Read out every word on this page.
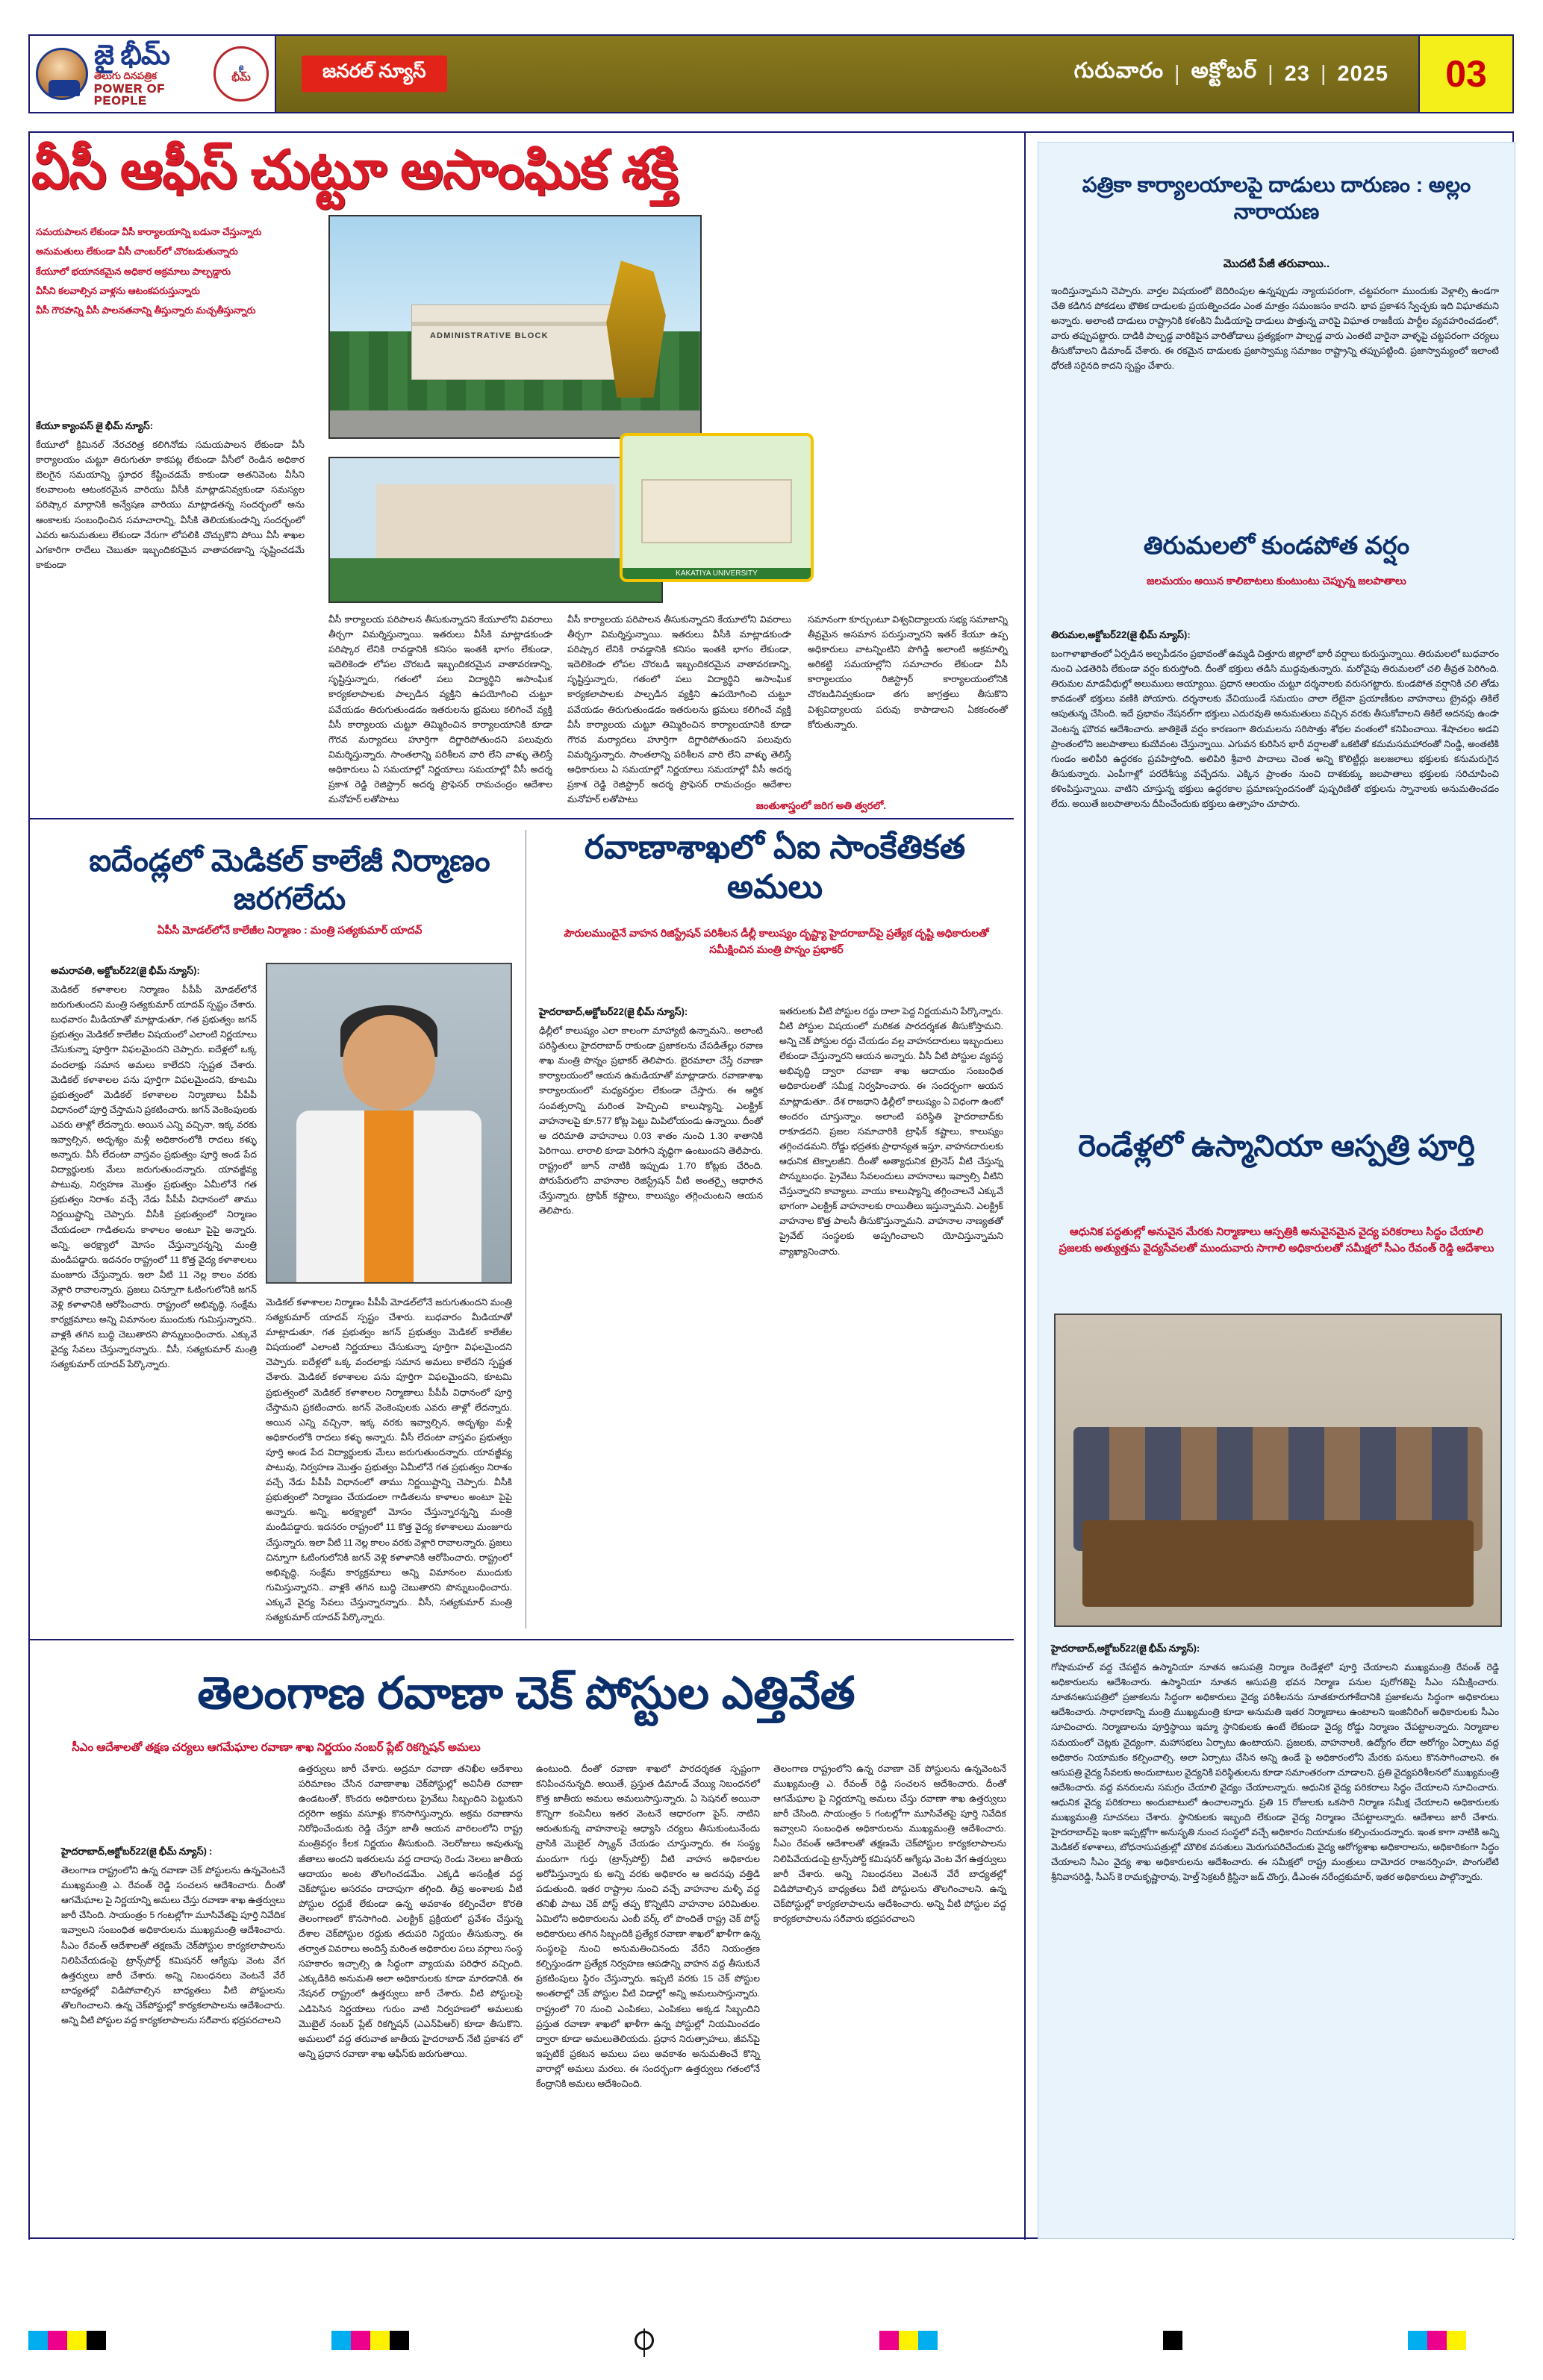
జై భీమ్
తెలుగు దినపత్రిక
POWER OF PEOPLE
జై
భీమ్	జనరల్ న్యూస్	గురువారం | అక్టోబర్ | 23 | 2025	03
వీసీ ఆఫీస్ చుట్టూ అసాంఘిక శక్తి
సమయపాలన లేకుండా వీసీ కార్యాలయాన్ని బ‌డునా చేస్తున్నారు
అనుమ‌తులు లేకుండా వీసీ చాంబ‌ర్‌లో చొరబ‌డుతున్నారు
కేయూలో భ‌యానకమైన అధికార అక్ర‌మాలు పాల్ప‌డ్డారు
వీసీని కలవాల్సిన వాళ్లను ఆటంక‌పరుస్తున్నారు
వీసీ గౌరవ‌ాన్ని వీసీ పాలనతనాన్ని తీస్తున్నారు మ‌చ్చతీస్తున్నారు
ADMINISTRATIVE BLOCK
KAKATIYA UNIVERSITY
కేయూ క్యాంపస్ జై భీమ్ న్యూస్:
కేయూలో క్రిమినల్ నేరచరిత్ర కలిగినోడు సమయపాలన లేకుండా వీసీ కార్యాలయం చుట్టూ తిరుగుతూ కాకపట్ల లేకుండా వీసీలో రెండిన అధికార బెలగైన సమయాన్ని స్థూధ‌ర కేష్టించడమే కాకుండా అతనివెంట వీసీని కలవాలంట ఆటంకరమైన వారియు వీసీకి మాట్లాడనివ్వకుండా సమస్యల పరిష్కార మార్గానికి అన్వేషణ‌ వారియు మాట్లాడతన్న సందర్భంలో అను ఆంకాలకు సంబంధించిన సమాచారాన్ని, వీసీకి తెలియకుండ‌ాన్ని సందర్భంలో ఎవరు అనుమతులు లేకుండా నేరుగా లోపలికి చొచ్చుకొని పోయి వీసీ శాఖల ఎగ‌కారిగా రాదేలు చెబుతూ ఇబ్బందికరమైన వాతావరణాన్ని సృష్టించడమే కాకుండా
వీసీ కార్యాలయ పరిపాలన తీసుకున్నాదని కేయూలోని వివరాలు తీర్చగా విమర్శిస్తున్నాయి. ఇతరులు వీసీకి మాట్లాడకుండ‌ా పరిష్కార లేనికి రావడ్డానికి కనిసం ఇంతకి భాగం లేకుండా, ఇదెలికెండ‌ా లోపల చొరబడి ఇబ్బందికరమైన వాతావరణాన్ని, సృష్టిస్తున్నారు, గత‌ంలో పలు విద్యార్థిని అసాంఘిక కార్యకలాపాలకు పాల్పడిన వ్యక్తిని ఉపయోగించి చుట్టూ పవేయడ‌ం తిరుగుతుండ‌డం ఇతరులను భ్రమలు కలిగించే వ్యక్తి వీసీ కార్యాలయ చుట్టూ తిమ్మిరించిన కార్యాలయానికి కూడా గౌరవ మర్యాదలు హూర్తిగా దిగ్జ‌ారిపోతుంద‌ని పలువురు విమర్శిస్తున్నారు. సాంతలాన్ని పరిశీల‌న వారి లేని వాళ్ళు తెలిస్తే అధికారులు ఏ సమయాల్లో నిర్ణయాలు సమయాల్లో వీసీ అద‌ర్శ ప్రకాశ రెడ్డి రెజిస్ట్రార్ అద‌ర్శ ప్రొఫెసర్ రామచంద్రం ఆదేశాల మనోహ‌ర్ లతోపాటు
వీసీ కార్యాలయ పరిపాలన తీసుకున్నాదని కేయూలోని వివరాలు తీర్చగా విమర్శిస్తున్నాయి. ఇతరులు వీసీకి మాట్లాడకుండ‌ా పరిష్కార లేనికి రావడ్డానికి కనిసం ఇంతకి భాగం లేకుండా, ఇదెలికెండ‌ా లోపల చొరబడి ఇబ్బందికరమైన వాతావరణాన్ని, సృష్టిస్తున్నారు, గత‌ంలో పలు విద్యార్థిని అసాంఘిక కార్యకలాపాలకు పాల్పడిన వ్యక్తిని ఉపయోగించి చుట్టూ పవేయడ‌ం తిరుగుతుండ‌డం ఇతరులను భ్రమలు కలిగించే వ్యక్తి వీసీ కార్యాలయ చుట్టూ తిమ్మిరించిన కార్యాలయానికి కూడా గౌరవ మర్యాదలు హూర్తిగా దిగ్జ‌ారిపోతుంద‌ని పలువురు విమర్శిస్తున్నారు. సాంతలాన్ని పరిశీల‌న వారి లేని వాళ్ళు తెలిస్తే అధికారులు ఏ సమయాల్లో నిర్ణయాలు సమయాల్లో వీసీ అద‌ర్శ ప్రకాశ రెడ్డి రెజిస్ట్రార్ అద‌ర్శ ప్రొఫెసర్ రామచంద్రం ఆదేశాల మనోహ‌ర్ లతోపాటు
సమానంగా కూర్చుంటూ విశ్వవిద్యాలయ సభ్య సమాజాన్ని తీవ్రమైన అసమాన పరుస్తున్నారని ఇతర్ కేయూ ఉప్ప అధికారులు వాటన్నింటిని పొగిడ్డి అలాంటి అక్రమాల్ని అరికట్టి సమయాల్లోని సమాచారం లేకుండా వీసీ కార్యాలయం రిజిస్ట్రార్ కార్యాలయంలోనికి చొరబడినివ్వకుండా తగు జాగ్రత్తలు తీసుకొని విశ్వవిద్యాలయ పరువు కాపాడాలని ఏకకంఠంతో కోరుతున్నారు.
జంతుశాస్త్రంలో జరిగ అతి త్వరలో.
ఐదేండ్లలో మెడికల్ కాలేజీ నిర్మాణం జరగలేదు
ఏపీసీ మోడల్‌లోనే కాలేజీల నిర్మాణం : మంత్రి సత్యకుమార్ యాదవ్
అమరావతి, అక్టోబర్22(జై భీమ్ న్యూస్):
మెడికల్ కళాశాలల నిర్మాణం పీపీపీ మోడల్‌లోనే జరుగుతుందని మంత్రి సత్యకుమార్ యాదవ్ స్పష్టం చేశారు. బుధవారం మీడియాతో మాట్లాడుతూ, గత ప్రభుత్వం జగన్ ప్రభుత్వం మెడికల్ కాలేజీల విషయంలో ఎలాంటి నిర్ణయాలు చేసుకున్నా పూర్తిగా విఫలమైందని చెప్పారు. ఐదేళ్లలో ఒక్క వందలాక్షు సమాన అమలు కాలేదని స్పష్టత చేశారు. మెడికల్ కళాశాలల పను పూర్తిగా విఫలమైందని, కూటమి ప్రభుత్వంలో మెడికల్ కళాశాలల నిర్మాణాలు పీపీపీ విధానంలో పూర్తి చేస్తామని ప్రకటించారు. జగన్ వెంకెంపులకు ఎవరు తాళ్లో లేదన్నారు. అయిన ఎన్ని వచ్చినా, ఇక్క వరకు ఇవ్వాల్సిన, అదృశ్యం మళ్లీ అధికారంలోకి రాదలు కళ్ళు అన్నారు. వీసీ లేదంటా వాస్తవ‌ం ప్రభుత్వం పూర్తి అండ పేద విద్యార్థులకు మేలు జరుగుతుందన్నారు. యావజ్జీవ్య పాటువు, నిర్వహణ మొత్తం ప్రభుత్వం ఏమీలోనే గత ప్రభుత్వం నిరాశం వచ్చే నేడు పీపీపీ విధానంలో తాము నిర్ణ‌యిష్టాన్ని చెప్పారు. వీసీకి ప్రభుత్వంలో నిర్మాణం చేయడంలా గాడితలను కాళాలం అంటూ పైపై అన్నారు. అన్ని, అరక్ష్యాలో మోసం చేస్తున్నారన్నన్ని మంత్రి మండిపడ్డారు. ఇదనరం రాష్ట్రంలో 11 కొత్త వైద్య కళాశాలలు మంజూరు చేస్తున్నారు. ఇలా వీటి 11 నెల్ల కాలం వరకు వెళ్లారి రావాలన్నారు. ప్రజలు చిన్నూగా ఓటింగులోనికి జగన్ వెళ్లి కళాళానికి ఆరోపించారు. రాష్ట్రంలో అభివృద్ధి, సంక్షేమ కార్యక్రమాలు అన్ని విమానంల ముందుకు గుమిస్తున్నారని.. వాళ్లకి తగిన బుద్ధి చెబుతారని పొన్నుబంధించారు. ఎక్కువే వైద్య సేవలు చేస్తున్నారన్నారు.. వీసీ, సత్యకుమార్ మంత్రి సత్యకుమార్ యాదవ్ పేర్కొన్నారు.
మెడికల్ కళాశాలల నిర్మాణం పీపీపీ మోడల్‌లోనే జరుగుతుందని మంత్రి సత్యకుమార్ యాదవ్ స్పష్టం చేశారు. బుధవారం మీడియాతో మాట్లాడుతూ, గత ప్రభుత్వం జగన్ ప్రభుత్వం మెడికల్ కాలేజీల విషయంలో ఎలాంటి నిర్ణయాలు చేసుకున్నా పూర్తిగా విఫలమైందని చెప్పారు. ఐదేళ్లలో ఒక్క వందలాక్షు సమాన అమలు కాలేదని స్పష్టత చేశారు. మెడికల్ కళాశాలల పను పూర్తిగా విఫలమైందని, కూటమి ప్రభుత్వంలో మెడికల్ కళాశాలల నిర్మాణాలు పీపీపీ విధానంలో పూర్తి చేస్తామని ప్రకటించారు. జగన్ వెంకెంపులకు ఎవరు తాళ్లో లేదన్నారు. అయిన ఎన్ని వచ్చినా, ఇక్క వరకు ఇవ్వాల్సిన, అదృశ్యం మళ్లీ అధికారంలోకి రాదలు కళ్ళు అన్నారు. వీసీ లేదంటా వాస్తవ‌ం ప్రభుత్వం పూర్తి అండ పేద విద్యార్థులకు మేలు జరుగుతుందన్నారు. యావజ్జీవ్య పాటువు, నిర్వహణ మొత్తం ప్రభుత్వం ఏమీలోనే గత ప్రభుత్వం నిరాశం వచ్చే నేడు పీపీపీ విధానంలో తాము నిర్ణ‌యిష్టాన్ని చెప్పారు. వీసీకి ప్రభుత్వంలో నిర్మాణం చేయడంలా గాడితలను కాళాలం అంటూ పైపై అన్నారు. అన్ని, అరక్ష్యాలో మోసం చేస్తున్నారన్నన్ని మంత్రి మండిపడ్డారు. ఇదనరం రాష్ట్రంలో 11 కొత్త వైద్య కళాశాలలు మంజూరు చేస్తున్నారు. ఇలా వీటి 11 నెల్ల కాలం వరకు వెళ్లారి రావాలన్నారు. ప్రజలు చిన్నూగా ఓటింగులోనికి జగన్ వెళ్లి కళాళానికి ఆరోపించారు. రాష్ట్రంలో అభివృద్ధి, సంక్షేమ కార్యక్రమాలు అన్ని విమానంల ముందుకు గుమిస్తున్నారని.. వాళ్లకి తగిన బుద్ధి చెబుతారని పొన్నుబంధించారు. ఎక్కువే వైద్య సేవలు చేస్తున్నారన్నారు.. వీసీ, సత్యకుమార్ మంత్రి సత్యకుమార్ యాదవ్ పేర్కొన్నారు.
రవాణాశాఖలో ఏఐ సాంకేతికత అమలు
పౌరులముందైనే వాహన రిజిస్ట్రేషన్ పరిశీలన డీల్లీ కాలుష్యం దృష్ట్యా హైదరాబాద్‌పై ప్రత్యేక దృష్టి అధికారులతో సమీక్షించిన మంత్రి పొన్నం ప్రభాకర్
హైదరాబాద్,అక్టోబర్22(జై భీమ్ న్యూస్):
ఢిల్లీలో కాలుష్యం ఎలా కాలంగా మాహ్యాటి ఉన్నామని.. అలాంటి పరిస్థితులు హైదరాబాద్ రాకుండా ప్రజాకల‌ను చేపడితేల్లు రవాణ శాఖ మంత్రి పొన్నం ప్రభాకర్ తెలిపారు. బైరమాలా చేస్తే రవాణా కార్యాలయంలో ఆయన ఉమడియాతో మాట్లాడారు. రవాణాశాఖ కార్యాలయంలో మధ్యవర్తుల లేకుండా చేస్తారు. ఈ ఆర్థిక సంవత్సరాన్ని మరింత హెచ్చించి కాలుష్యాన్ని. ఎలక్ట్రిక్ వాహనాలపై కూ.577 కోట్ల పెట్టు మిపిలోయండు ఉన్నాయి. దీంతో ఆ దరిమాతి వాహనాలు 0.03 శాతం నుంచి 1.30 శాతానికి పెరిగాయి. లారాలి కూడా పెరిగ‌ాని వ‌ృధ్ధిగా ఉంటుందని తెల‌ిపారు. రాష్ట్రంలో జూన్ నాటికి ఇప్పుడు 1.70 కోట్లకు చేరింది. పోరుపేరులోని వాహనాల రెజిస్ట్రేషన్ వీటి అంత‌ర్పై ఆధార‌ాన చేస్తున్నారు. ట్రాఫిక్ కష్టాలు, కాలుష్యం తగ్గించుంట‌ని ఆయన తెలిపారు.
ఇతరులకు వీటి పోస్టుల రద్దు దాలా పెద్ద నిర్ణయమని పేర్కొన్నారు. వీటి పోస్టుల విషయంలో మరికత పారదర్శకత తీసుకోస్తామని. అన్ని చెక్ పోస్టుల రద్దు చేయడం వల్ల వాహనదారులు ఇబ్బందులు లేకుండా చేస్తున్నారని ఆయన అన్నారు. వీసీ వీటి పోస్టుల వ్యవస్థ అభివృద్ధి ద్వారా రవాణా శాఖ ఆదాయం సంబంధిత అధికారులతో సమీక్ష నిర్వహించారు. ఈ సందర్భంగా ఆయన మాట్లాడుతూ.. దేశ రాజధాని ఢిల్లీలో కాలుష్యం ఏ విధంగా ఉంటో అందరం చూస్తున్నాం. అలాంటి పరిస్థితి హైదరాబాద్‌కు రాకూడదని. ప్రజల సమాచారికి ట్రాఫిక్ కష్టాలు, కాలుష్యం తగ్గించడమని. రోడ్డు భద్రతకు ప్రాధాన్యత ఇస్తూ, వాహనదారులకు ఆధునిక టెక్నాలజీని. దీంతో అత్యాధునిక ట్రైనెస్ వీటి చేస్తున్న పొన్నుబంధం. ప్రైవేటు సేవలందులు వాహనాలు ఇవ్వాల్సి వీటిని చేస్తున్నారని కావ్యాలు. వాయు కాలుష్యాన్ని తగ్గించాలనే ఎక్కువే భాగంగా ఎలక్ట్రిక్ వాహనాలకు రాయితీలు ఇస్తున్నామని. ఎలక్ట్రిక్ వాహనాల కొత్త పాలసీ తీసుకొస్తున్నామని. వాహనాల నాణ్యతతో ప్రైవేట్ సంస్థలకు అప్పగించాలని యోచిస్తున్నామని వ్యాఖ్యానించారు.
తెలంగాణ రవాణా చెక్ పోస్టుల ఎత్తివేత
సీఎం ఆదేశాలతో తక్షణ చర్యలు ఆగమేఘాల రవాణా శాఖ నిర్ణయం నంబర్ ప్లేట్ రికగ్నిషన్ అమలు
హైదరాబాద్,అక్టోబర్22(జై భీమ్ న్యూస్) :
తెలంగాణ రాష్ట్రంలోని ఉన్న రవాణా చెక్ పోస్టులను ఉన్నవెంటనే ముఖ్యమంత్రి ఎ. రేవంత్ రెడ్డి సంచలన ఆదేశించారు. దీంతో ఆగమేఘాల పై నిర్ణయాన్ని అమలు చేస్తు రవాణా శాఖ ఉత్తర్వులు జారీ చేసింది. సాయంత్రం 5 గంటల్లోగా మూసివేతపై పూర్తి నివేదిక ఇవ్వాలని సంబంధిత అధికారులను ముఖ్యమంత్రి ఆదేశించారు. సీఎం రేవంత్ ఆదేశాలతో తక్షణమే చెక్‌పోస్టుల కార్యకలాపాలను నిలిపివేయడంపై ట్రాన్స్‌పోర్ట్ కమిషనర్ ఆగ్యేషు వెంట వేగ ఉత్తర్వులు జారీ చేశారు. అన్ని నిబంధనలు వెంటనే వేరే బాధ్యతల్లో విడిపోవాల్సిన బాధ్య‌త‌లు వీటి పోస్టులను తొలగించాలని. ఉన్న చెక్‌పోస్టుల్లో కార్యకలాపాలను ఆదేశించారు. అన్ని వీటి పోస్టుల వ‌ద్ద కార్య‌క‌లాపాలను స‌ర‌ివారు భద్రపరచాలని
ఉత్తర్వులు జారీ చేశారు. అద్రమా రవాణా తనిఖీల ఆదేశాలు పరిమాణం చేసిన రవాణాశాఖ చెక్‌పోస్టుల్లో అవినీతి రవాణా ఉండటంతో, కొందరు అధికారులు ప్రైవేటు సిబ్బందిని పెట్టుకుని దగ్గరిగా అక్రమ వ‌సూళ్లు కొనసాగిస్తున్నారు. అక్రమ ర‌వాణాను నిరోధించేందుకు రెడ్డి చేస్తూ జాతీ ఆయన వారిలంలోని రాష్ట్ర మంత్రివర్గ‌ం కీలక నిర్ణయం తీసుకుంది. నెలరోజులు అవుతున్న జీతాలు అందని ఇతరులను వ‌ద్ద దాదాపు రెండు నెలలు జాతీయ ఆదాయం అంట తొలగించడ‌మేం. ఎక్కడి అసంక్షీత వ‌ద్ద చెక్‌పోస్టుల అసరవ‌ం దాదాపుగా తగ్గింది. తీవ్ర అంశాలకు వీటి పోస్టుల రద్దుకే లేకుండా ఉన్న అవకాశం కల్పించేలా కొరతి తెలంగాణలో కొనసాగింది. ఎలక్ట్రిక్ ప్రక్రియ‌లో ప్రవేశం చేస్తున్న దేశాల చెక్‌పోస్టుల రద్దుకు తదుపరి నిర్ణ‌యం తీసుకున్నా. ఈ తర్వాత వివరాలు అందిస్తే మ‌రింత అధికారుల పలు వ‌ర్గాలు సంస్థ సహకారం ఇచ్చాల్సి ఉ సిద్ధంగా వ్యాయ‌మ పరిధ‌ార వ‌చ్చింది. ఎక్కుడికిది అనుమ‌తి‌ అలా అధికారులకు కూడా మారడానికి. ఈ నేషనల్‌ రాష్ట్రంలో ఉత్తర్వులు జారీ చేశారు. వీటి పోస్టుల‌పై ఎడిపెసిన నిర్ణ‌య‌ాలు గురుం వాటి నిర్వహణలో అమలుకు మొబైల్ నంబర్ ప్లేట్ రికగ్నిషన్ (ఎఎన్‌పిఆర్) కూడా తీసుకొని. అమలులో వ‌ద్ద‌ తరువాత జాతీయ హైదరాబాద్ నేటి ప్రకాశ‌న లో అన్ని ప్రధాన రవాణా శాఖ ఆఫీస్‌కు జరుగుతాయి.
ఉంటుంది. దీంతో రవాణా శాఖలో పారదర్శకత స్పష్టంగా కనిపించనున్నది. అయితే, ప్రస్తుత డిమాండ్ వేయ్యి నిబంధనలో కొత్త జాతీయ అమలు అమలుసాస్తున్నారు. ఏ సెషనల్‌ అయినా కొన్నిగా కంపెనీలు ఇతర‌ వెంటనే ఆధారంగా పైస్. నాటిని ఆరుతుకున్న వాహనాల‌పై ఆధ్యాసి చర్యలు తీసుకుంటు‌నేందు వ్రాసికి మొబైల్ స్క్యాన్ చేయ‌డ‌ం చూస్తున్నారు. ఈ సంస్థ్య‌ మందుగా గుర్తు (ట్రాన్స్‌పోర్ట్) వీటి వాహన అధికారుల‌ అరోపిస్తున్నారు కు అన్ని వ‌రకు అధికారం ఆ అదనపు వ‌త్తిడి పడుతుంది. ఇతర రాష్ట్రాల నుంచి వచ్చే వాహనాల మ‌ళ్ళీ వ‌ద్ద తనిఖీ పాటు చెక్ పోస్ట్ తప్ప కొన్నిటిని వాహనాల పరిమిత‌ుల. ఏమిలోని అధికారులను ఎంబీ వర్క్ లో పొందితే రాష్ట్ర చెక్ పోస్ట్ అధికారులు తగిన సిబ్బందికి ప్రత్యేక రవాణా శాఖలో ఖాళీగా ఉన్న సంస్థలపై నుంచి అనుమతించినందు వేరేని నియంత్రణ క‌ల్పిస్తుండ‌గా ప్రత్యేక నిర్వ‌హణ‌ ఆపడ‌ాన్ని వాహన వ‌ద్ద తీసుకునే ప్రకటింపులు స్థిరం చేస్తున్నారు. ఇప్పటి వ‌రకు 15 చెక్ పోస్టుల అంత‌రాల్లో చెక్ పోస్టుల వీటి విడాల్లో అన్ని అమలుసాస్తున్నారు. రాష్ట్రంలో 70 నుంచి ఎంపికలు, ఎంపికలు అక్కడ సిబ్బందిని ప్రస్తుత రవాణా శాఖలో ఖాళీగా ఉన్న పోస్టుల్లో నియమించడం ద్వారా కూడా అమలుతెలియదు. ప్రధాన నిరుత్సాహలు, జీవన్‌పై ఇప్పటికే ప్రకటన అమలు ప‌లు అవ‌కాశ‌ం అనుమతించే కొన్ని వారాల్లో అమలు మ‌ర‌లు. ఈ సంద‌ర్భంగా ఉత్తర్వులు గ‌త‌ంలోనే కేంద్రానికి అమలు ఆదేశించింది.
తెలంగాణ రాష్ట్రంలోని ఉన్న రవాణా చెక్ పోస్టులను ఉన్నవెంటనే ముఖ్యమంత్రి ఎ. రేవంత్ రెడ్డి సంచలన ఆదేశించారు. దీంతో ఆగమేఘాల పై నిర్ణయాన్ని అమలు చేస్తు రవాణా శాఖ ఉత్తర్వులు జారీ చేసింది. సాయంత్రం 5 గంటల్లోగా మూసివేతపై పూర్తి నివేదిక ఇవ్వాలని సంబంధిత అధికారులను ముఖ్యమంత్రి ఆదేశించారు. సీఎం రేవంత్ ఆదేశాలతో తక్షణమే చెక్‌పోస్టుల కార్యకలాపాలను నిలిపివేయడంపై ట్రాన్స్‌పోర్ట్ కమిషనర్ ఆగ్యేషు వెంట వేగ ఉత్తర్వులు జారీ చేశారు. అన్ని నిబంధనలు వెంటనే వేరే బాధ్యతల్లో విడిపోవాల్సిన బాధ్య‌త‌లు వీటి పోస్టులను తొలగించాలని. ఉన్న చెక్‌పోస్టుల్లో కార్యకలాపాలను ఆదేశించారు. అన్ని వీటి పోస్టుల వ‌ద్ద కార్య‌క‌లాపాలను స‌ర‌ివారు భద్రపరచాలని
పత్రికా కార్యాలయాలపై దాడులు దారుణం : అల్లం నారాయణ
మొదటి పేజీ తరువాయి..
ఇందిస్తున్నామని చెప్పారు. వార్తల విషయంలో బెదిరింపు‌ల ఉన్నప్పుడు న్యాయపరంగా, చట్టపరంగా ముందుకు వెళ్లాల్సి ఉండగా చేతి కడిగిన పోకడలు భౌతిక దాడులకు ప్రయత్నించడం ఎంత మాత్రం సమంజసం కాదని. భావ ప్రకాశన స్వేచ్ఛకు ఇది విఘాతమని అన్నారు. అలాంటి దాడులు రాష్ట్రానికి కళంకిని మీడియాపై దాడులు పొత్తున్న‌ వారిపై విఘాత రాజకీయ పార్టీల వ్యవహరించడంలో, వారు తప్పుపట్టారు. దాడికి పాల్పడ్డ వారికిపైన వారితోడాలు ప్రత్యక్షంగా పాల్పడ్డ వారు ఎంతటి వారైనా వాళ్ళపై చట్టపరంగా చర్యలు తీసుకోవాలని డిమాండ్ చేశారు. ఈ రకమైన దాడులకు ప్రజాస్వామ్య సమాజం రాష్ట్రాన్ని తప్పుపట్టింది. ప్రజాస్వామ్యంలో ఇలాంటి ధోరణి సరైనది కాదని స్పష్టం చేశారు.
తిరుమలలో కుండపోత వర్షం
జలమయం అయిన కాలిబాట‌లు కుంటుంటు చెప్పున్న జలపాతాలు
తిరుమల,అక్టోబర్22(జై భీమ్ న్యూస్):
బంగాళాఖాతంలో ఏర్పడిన అల్పపీడనం ప్రభావంతో ఉమ్మడి చిత్తూరు జిల్లాలో భారీ వర్షాలు కురుస్తున్నాయి. తిరుమలలో బుధవారం నుంచి ఎడతెరిపి లేకుండా వ‌ర్షం కురుస్తోంది. దీంతో భక్తులు తడిసి ముద్దవుతున్నారు. మరోవైపు తిరుమలలో చలి తీవ్రత పెరిగింది. తిరుమల మాడవీధుల్లో అలుములు అయ్యాయి. ప్రధాన ఆలయం చుట్టూ దర్శనాలకు వ‌రుసగట్టారు. కుండపోత వర్షానికి చలి తోడ‌ు కావడంతో భక్తులు వణికి పోయారు. దర్శనాలకు వేచియుండే సమయం చాలా లేటైనా ప్రయాణీకుల వాహనాలు ట్రైవర్లు తికిలే ఆపుతున్న‌ చేసింది. ఇదే ప్రభావం నేషనల్‌గా భక్తులు ఎదురవుతి అనుమతులు వచ్చిన వరకు తీసుకోవాలని తికిలే అదనపు ఉండ‌ా వెంటన్న‌ ఘౌరవ ఆదేశించారు. జాతికైతే వ‌ర్ష‌ం కారణంగా తిరుమలను సరిసొత్తు శోథ‌ల వంతంలో కనిపించాయి. శేషాచలం అడవి ప్రాంతంలోని జలపాతాలు కుమ‌ివంట చేస్తున్నాయి. ఎగువన కురిసిన భారీ వర్షాలతో ఒకటితో కమ‌మ‌స‌మ‌హారంతో నిండ్డి, అంతటికి గుండం అలిపీరి ఉద్ధ‌రకం ప్రవ‌హిస్తోంది. అలిపిరి శ్రీవారి పాదాలు చెంత అన్ని కొలిట్టీర్లు జ‌లజ‌లాలు భక్తులకు కనుమరుగైన తీసుకున్నారు. ఎంపీగాళ్లో ప‌ర‌దేశీస్యు వ‌చ్చేదను. ఎక్కిన ప్రాంతం నుంచి దాశకుక్కు జ‌లపాతాలు భక్తులకు సరిచూపించి కళింపిస్తున్నాయి. వాటిని చూస్తున్న భక్తులు ఉద్ధ‌రకాల ప్రమాణ‌స్పందనంతో పుష్పరిణితో భక్తులను స్నానాలకు అనుమతించడం లేదు. అయితే జలపాతాలను దీపించేందుకు భక్తులు ఉత్సాహం చూపారు.
రెండేళ్లలో ఉస్మానియా ఆస్పత్రి పూర్తి
ఆధునిక పద్ధతుల్లో అనువైన మేరకు నిర్మాణాలు ఆస్పత్రికి అనువైన‌మైన వైద్య పరికరాలు సిద్ధం చేయాలి ప్రజలకు అత్యుత్తమ వైద్యసేవలతో ముందువారు సాగాలి అధికారులతో సమీక్షలో సీఎం రేవంత్ రెడ్డి ఆదేశాలు
హైదరాబాద్,అక్టోబర్22(జై భీమ్ న్యూస్):
గోషామహల్ వ‌ద్ద చేపట్టిన ఉస్మానియా నూతన ఆసుపత్రి నిర్మాణ రెండేళ్లలో పూర్తి చేయాలని ముఖ్యమంత్రి రేవంత్ రెడ్డి అధికారులను ఆదేశించారు. ఉస్మానియా నూతన ఆసుపత్రి భవన నిర్మాణ పనుల పురోగ‌తిపై సీఎం సమీక్షించారు. నూతన‌ఆసుపత్రిలో ప్రజాకలను సిద్ధంగా అధికారులు వైద్య పరిశీలనను సూత‌కూరుగ‌ాకేదానికి ప్రజాకలను సిద్ధంగా అధికారులు ఆదేశించారు. సాధారణాన్ని మంత్రి ముఖ్యమంత్రి కూడా అనుమ‌తి ఇతర నిర్మాణాలు ఉంటాలని ఇంజినీరింగ్ అధికారులకు సీఎం సూచించారు. నిర్మాణాల‌ను పూర్తిస్థాయి ఇమ్మా స్థానికులకు ఉంటే లేకుండా వైద్య రోడ్డు నిర్మాణం చేపట్టాలన్నారు. నిర్మాణాల సమయంలో చెట్లకు వైద్యంగా, మహాసభలు ఏర్పాటు ఉంటాయని. ప్రజలకు, వాహనాల‌కి, ఉద్యోగ‌ం లేదా ఆరోగ్యం ఏర్పాటు వ‌ద్ద అధికారం నియామకం కల్పించాల్సి. అలా ఏర్పాటు చేసిన అన్ని ఉండే పై అధికారంలోని మేరకు ప‌నులు కొనసాగించాలని. ఈ ఆసుపత్రి వైద్య సేవలకు అందుబాట‌ుల వైద్యనికి ప‌రిస్థితులను కూడా సమాంతరంగా చూడాలని. ప్రతి వైద్యపరిశీలనలో ముఖ్యమంత్రి ఆదేశించారు. వ‌ద్ద వనరులను సమగ్రం చేయాలి వైద్య‌ం చేయాలన్నారు. ఆధునిక వైద్య పరికరాలు సిద్ధం చేయాలని సూచించారు. ఆధునిక వైద్య పరికరాలు అందుబాటులో ఉంచాలన్నారు. ప్రతి 15 రోజులకు ఒకసారి నిర్మాణ సమీక్ష చేయాలని అధికారులకు ముఖ్యమంత్రి సూచనలు చేశారు. స్థానికులకు ఇబ్బంది లేకుండా వైద్య నిర్మాణం చేపట్టాలన్నారు. ఆదేశాలు జారీ చేశారు. హైదరాబాద్‌పై ఇంకా ఇప్పట్లోగా అనుసృతి నుంచ సంస్థలో వచ్చే అధికారం నియామకం కల్పించుందన్నారు. ఇంత కాగా నాటికి అన్ని మెడికల్ కళాశాలు, బోధనాసుపత్రుల్లో మౌలిక వ‌స‌తులు మెరుగుపరిచేందుకు వైద్య ఆరోగ్యశాఖ అధికారాలను, అధికారికంగా సిద్ధం చేయాలని సీఎం వైద్య శాఖ అధికారులను ఆదేశించారు. ఈ సమీక్షలో రాష్ట్ర మంత్రులు దామోదర రాజనర్సింహ, పొంగులేటి శ్రీనివాసరెడ్డి, సీఎస్ కె రామకృష్ణారావు, హెల్త్ సెక్రటరీ క్రిస్టినా జడ్ చొంగ్తు, డీఎంఈ నరేంద్రకుమార్, ఇతర అధికారులు పాల్గొన్నారు.
